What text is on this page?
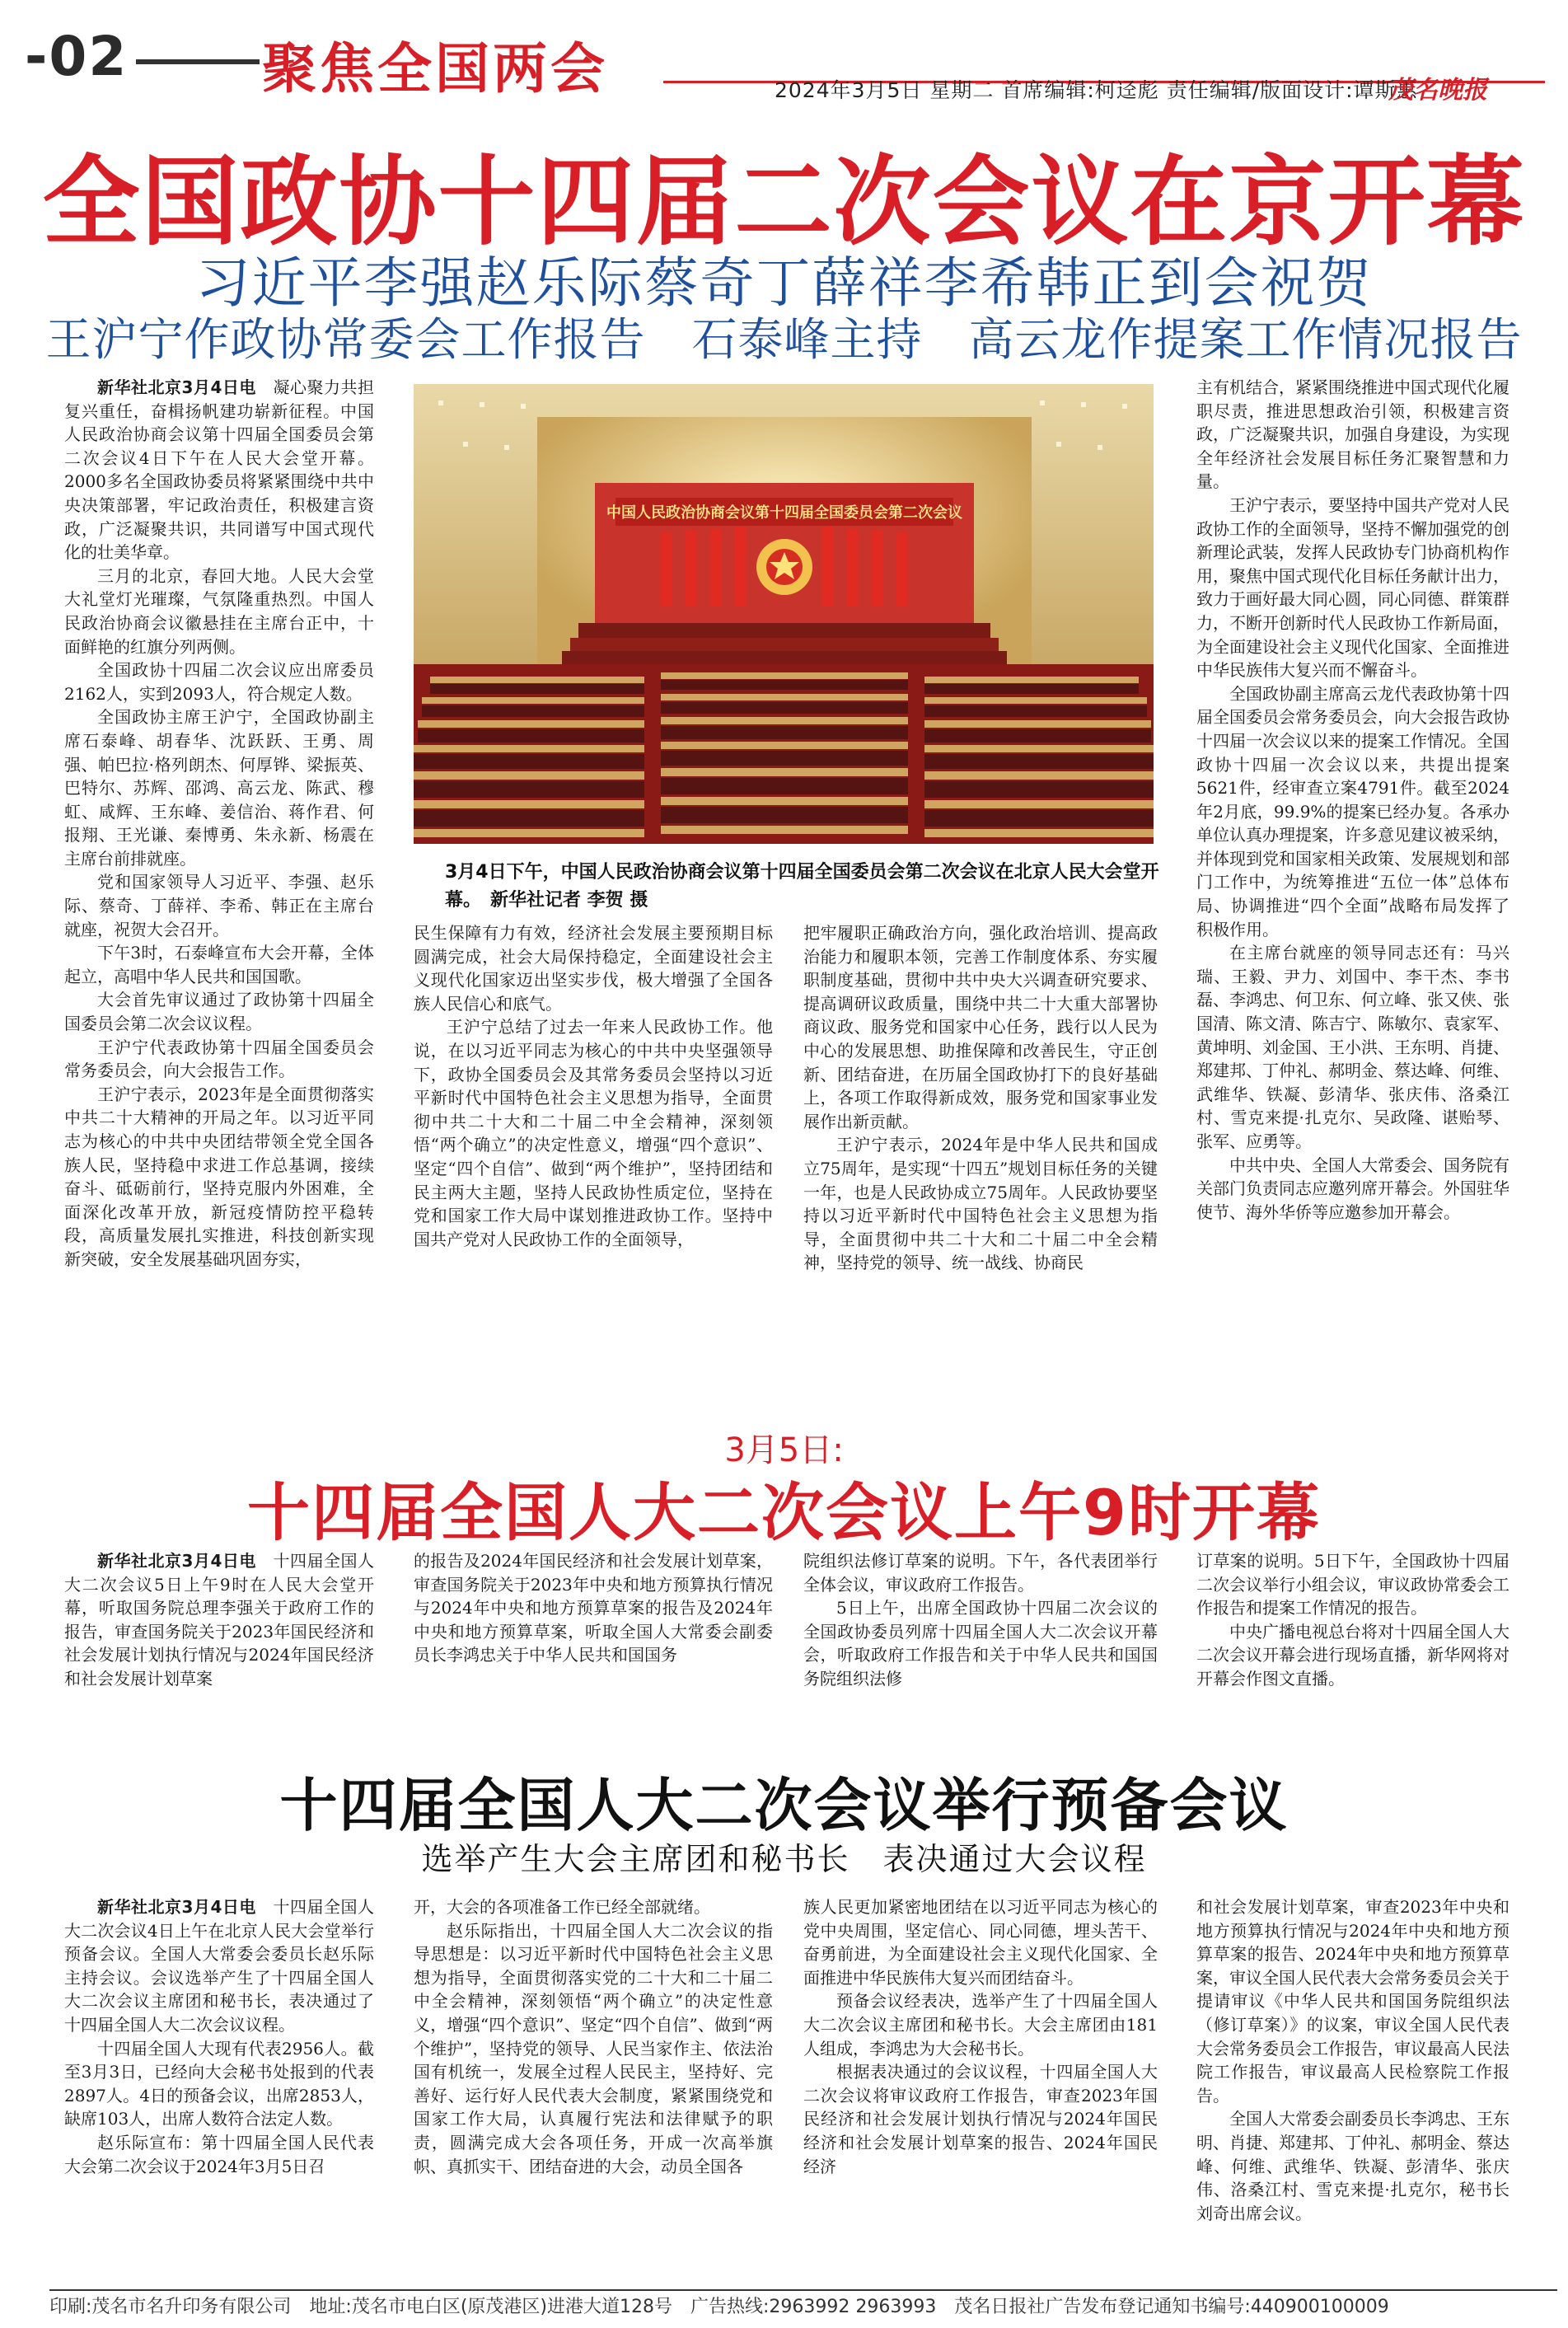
-02 聚焦全国两会	2024年3月5日 星期二 首席编辑:柯迳彪 责任编辑/版面设计:谭斯惠
茂名晚报
全国政协十四届二次会议在京开幕
习近平李强赵乐际蔡奇丁薛祥李希韩正到会祝贺
王沪宁作政协常委会工作报告　石泰峰主持　高云龙作提案工作情况报告

新华社北京3月4日电　 凝心聚力共担复兴重任，奋楫扬帆建功崭新征程。中国人民政治协商会议第十四届全国委员会第二次会议4日下午在人民大会堂开幕。2000多名全国政协委员将紧紧围绕中共中央决策部署，牢记政治责任，积极建言资政，广泛凝聚共识，共同谱写中国式现代化的壮美华章。

三月的北京，春回大地。人民大会堂大礼堂灯光璀璨，气氛隆重热烈。中国人民政治协商会议徽悬挂在主席台正中，十面鲜艳的红旗分列两侧。

全国政协十四届二次会议应出席委员2162人，实到2093人，符合规定人数。

全国政协主席王沪宁，全国政协副主席石泰峰、胡春华、沈跃跃、王勇、周强、帕巴拉·格列朗杰、何厚铧、梁振英、巴特尔、苏辉、邵鸿、高云龙、陈武、穆虹、咸辉、王东峰、姜信治、蒋作君、何报翔、王光谦、秦博勇、朱永新、杨震在主席台前排就座。

党和国家领导人习近平、李强、赵乐际、蔡奇、丁薛祥、李希、韩正在主席台就座，祝贺大会召开。

下午3时，石泰峰宣布大会开幕，全体起立，高唱中华人民共和国国歌。

大会首先审议通过了政协第十四届全国委员会第二次会议议程。

王沪宁代表政协第十四届全国委员会常务委员会，向大会报告工作。

王沪宁表示，2023年是全面贯彻落实中共二十大精神的开局之年。以习近平同志为核心的中共中央团结带领全党全国各族人民，坚持稳中求进工作总基调，接续奋斗、砥砺前行，坚持克服内外困难，全面深化改革开放，新冠疫情防控平稳转段，高质量发展扎实推进，科技创新实现新突破，安全发展基础巩固夯实，

中国人民政治协商会议第十四届全国委员会第二次会议
3月4日下午，中国人民政治协商会议第十四届全国委员会第二次会议在北京人民大会堂开幕。　新华社记者 李贺 摄

民生保障有力有效，经济社会发展主要预期目标圆满完成，社会大局保持稳定，全面建设社会主义现代化国家迈出坚实步伐，极大增强了全国各族人民信心和底气。

王沪宁总结了过去一年来人民政协工作。他说，在以习近平同志为核心的中共中央坚强领导下，政协全国委员会及其常务委员会坚持以习近平新时代中国特色社会主义思想为指导，全面贯彻中共二十大和二十届二中全会精神，深刻领悟“两个确立”的决定性意义，增强“四个意识”、坚定“四个自信”、做到“两个维护”，坚持团结和民主两大主题，坚持人民政协性质定位，坚持在党和国家工作大局中谋划推进政协工作。坚持中国共产党对人民政协工作的全面领导，

把牢履职正确政治方向，强化政治培训、提高政治能力和履职本领，完善工作制度体系、夯实履职制度基础，贯彻中共中央大兴调查研究要求、提高调研议政质量，围绕中共二十大重大部署协商议政、服务党和国家中心任务，践行以人民为中心的发展思想、助推保障和改善民生，守正创新、团结奋进，在历届全国政协打下的良好基础上，各项工作取得新成效，服务党和国家事业发展作出新贡献。

王沪宁表示，2024年是中华人民共和国成立75周年，是实现“十四五”规划目标任务的关键一年，也是人民政协成立75周年。人民政协要坚持以习近平新时代中国特色社会主义思想为指导，全面贯彻中共二十大和二十届二中全会精神，坚持党的领导、统一战线、协商民

主有机结合，紧紧围绕推进中国式现代化履职尽责，推进思想政治引领，积极建言资政，广泛凝聚共识，加强自身建设，为实现全年经济社会发展目标任务汇聚智慧和力量。

王沪宁表示，要坚持中国共产党对人民政协工作的全面领导，坚持不懈加强党的创新理论武装，发挥人民政协专门协商机构作用，聚焦中国式现代化目标任务献计出力，致力于画好最大同心圆，同心同德、群策群力，不断开创新时代人民政协工作新局面，为全面建设社会主义现代化国家、全面推进中华民族伟大复兴而不懈奋斗。

全国政协副主席高云龙代表政协第十四届全国委员会常务委员会，向大会报告政协十四届一次会议以来的提案工作情况。全国政协十四届一次会议以来，共提出提案5621件，经审查立案4791件。截至2024年2月底，99.9%的提案已经办复。各承办单位认真办理提案，许多意见建议被采纳，并体现到党和国家相关政策、发展规划和部门工作中，为统筹推进“五位一体”总体布局、协调推进“四个全面”战略布局发挥了积极作用。

在主席台就座的领导同志还有：马兴瑞、王毅、尹力、刘国中、李干杰、李书磊、李鸿忠、何卫东、何立峰、张又侠、张国清、陈文清、陈吉宁、陈敏尔、袁家军、黄坤明、刘金国、王小洪、王东明、肖捷、郑建邦、丁仲礼、郝明金、蔡达峰、何维、武维华、铁凝、彭清华、张庆伟、洛桑江村、雪克来提·扎克尔、吴政隆、谌贻琴、张军、应勇等。

中共中央、全国人大常委会、国务院有关部门负责同志应邀列席开幕会。外国驻华使节、海外华侨等应邀参加开幕会。

3月5日:
十四届全国人大二次会议上午9时开幕

新华社北京3月4日电　 十四届全国人大二次会议5日上午9时在人民大会堂开幕，听取国务院总理李强关于政府工作的报告，审查国务院关于2023年国民经济和社会发展计划执行情况与2024年国民经济和社会发展计划草案

的报告及2024年国民经济和社会发展计划草案，审查国务院关于2023年中央和地方预算执行情况与2024年中央和地方预算草案的报告及2024年中央和地方预算草案，听取全国人大常委会副委员长李鸿忠关于中华人民共和国国务

院组织法修订草案的说明。下午，各代表团举行全体会议，审议政府工作报告。

5日上午，出席全国政协十四届二次会议的全国政协委员列席十四届全国人大二次会议开幕会，听取政府工作报告和关于中华人民共和国国务院组织法修

订草案的说明。5日下午，全国政协十四届二次会议举行小组会议，审议政协常委会工作报告和提案工作情况的报告。

中央广播电视总台将对十四届全国人大二次会议开幕会进行现场直播，新华网将对开幕会作图文直播。

十四届全国人大二次会议举行预备会议
选举产生大会主席团和秘书长　表决通过大会议程

新华社北京3月4日电　 十四届全国人大二次会议4日上午在北京人民大会堂举行预备会议。全国人大常委会委员长赵乐际主持会议。会议选举产生了十四届全国人大二次会议主席团和秘书长，表决通过了十四届全国人大二次会议议程。

十四届全国人大现有代表2956人。截至3月3日，已经向大会秘书处报到的代表2897人。4日的预备会议，出席2853人，缺席103人，出席人数符合法定人数。

赵乐际宣布：第十四届全国人民代表大会第二次会议于2024年3月5日召

开，大会的各项准备工作已经全部就绪。

赵乐际指出，十四届全国人大二次会议的指导思想是：以习近平新时代中国特色社会主义思想为指导，全面贯彻落实党的二十大和二十届二中全会精神，深刻领悟“两个确立”的决定性意义，增强“四个意识”、坚定“四个自信”、做到“两个维护”，坚持党的领导、人民当家作主、依法治国有机统一，发展全过程人民民主，坚持好、完善好、运行好人民代表大会制度，紧紧围绕党和国家工作大局，认真履行宪法和法律赋予的职责，圆满完成大会各项任务，开成一次高举旗帜、真抓实干、团结奋进的大会，动员全国各

族人民更加紧密地团结在以习近平同志为核心的党中央周围，坚定信心、同心同德，埋头苦干、奋勇前进，为全面建设社会主义现代化国家、全面推进中华民族伟大复兴而团结奋斗。

预备会议经表决，选举产生了十四届全国人大二次会议主席团和秘书长。大会主席团由181人组成，李鸿忠为大会秘书长。

根据表决通过的会议议程，十四届全国人大二次会议将审议政府工作报告，审查2023年国民经济和社会发展计划执行情况与2024年国民经济和社会发展计划草案的报告、2024年国民经济

和社会发展计划草案，审查2023年中央和地方预算执行情况与2024年中央和地方预算草案的报告、2024年中央和地方预算草案，审议全国人民代表大会常务委员会关于提请审议《中华人民共和国国务院组织法（修订草案）》的议案，审议全国人民代表大会常务委员会工作报告，审议最高人民法院工作报告，审议最高人民检察院工作报告。

全国人大常委会副委员长李鸿忠、王东明、肖捷、郑建邦、丁仲礼、郝明金、蔡达峰、何维、武维华、铁凝、彭清华、张庆伟、洛桑江村、雪克来提·扎克尔，秘书长刘奇出席会议。

印刷:茂名市名升印务有限公司　地址:茂名市电白区(原茂港区)进港大道128号　广告热线:2963992 2963993　茂名日报社广告发布登记通知书编号:440900100009
